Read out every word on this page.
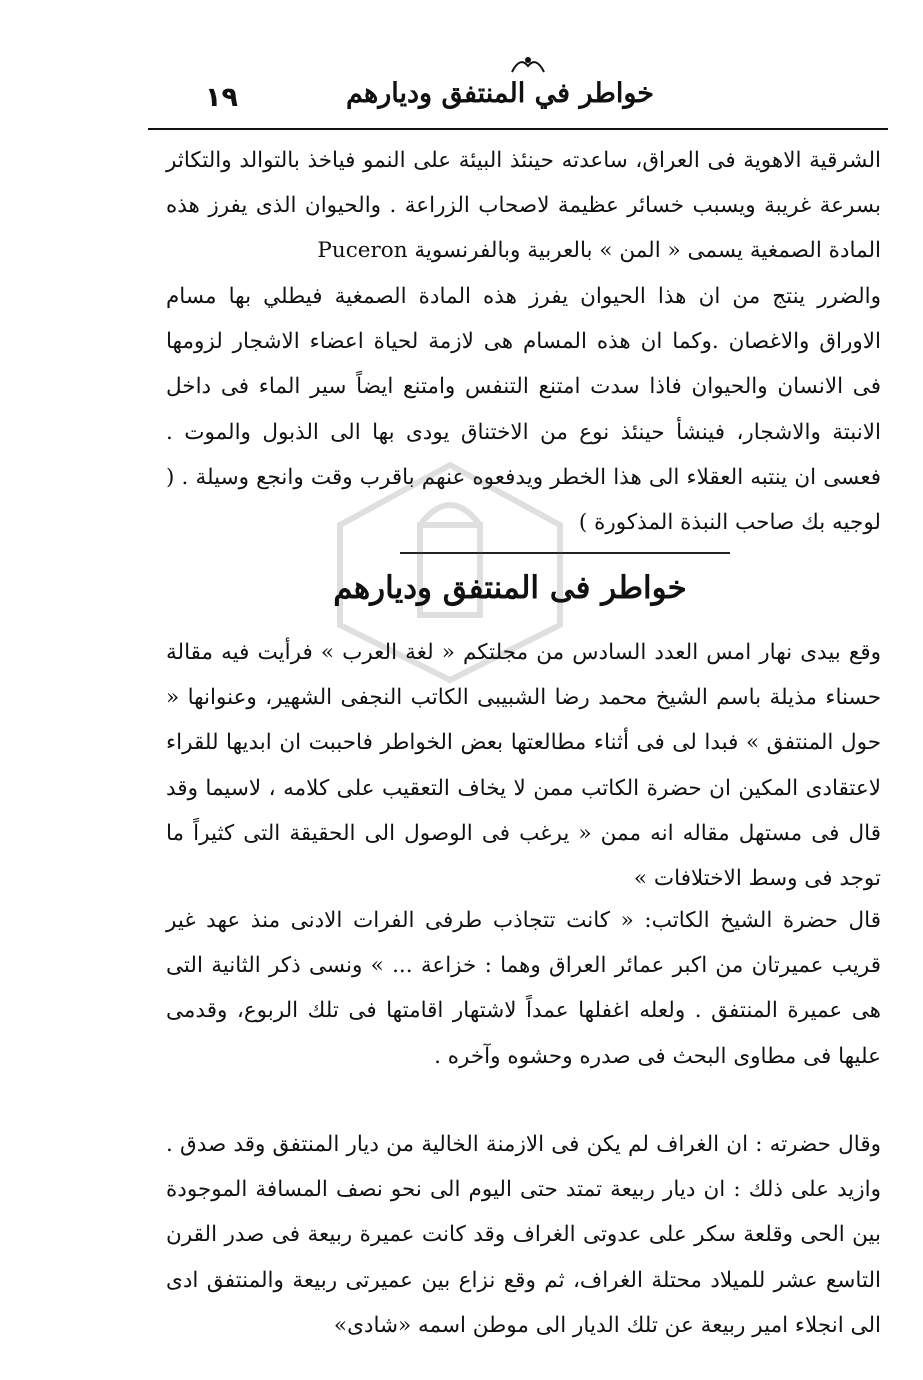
خواطر في المنتفق وديارهم
١٩

الشرقية الاهوية فى العراق، ساعدته حينئذ البيئة على النمو فياخذ بالتوالد والتكاثر بسرعة غريبة ويسبب خسائر عظيمة لاصحاب الزراعة . والحيوان الذى يفرز هذه المادة الصمغية يسمى « المن » بالعربية وبالفرنسوية Puceron

والضرر ينتج من ان هذا الحيوان يفرز هذه المادة الصمغية فيطلي بها مسام الاوراق والاغصان .وكما ان هذه المسام هى لازمة لحياة اعضاء الاشجار لزومها فى الانسان والحيوان فاذا سدت امتنع التنفس وامتنع ايضاً سير الماء فى داخل الانبتة والاشجار، فينشأ حينئذ نوع من الاختناق يودى بها الى الذبول والموت . فعسى ان ينتبه العقلاء الى هذا الخطر ويدفعوه عنهم باقرب وقت وانجع وسيلة . ( لوجيه بك صاحب النبذة المذكورة )

خواطر فى المنتفق وديارهم

وقع بيدى نهار امس العدد السادس من مجلتكم « لغة العرب » فرأيت فيه مقالة حسناء مذيلة باسم الشيخ محمد رضا الشبيبى الكاتب النجفى الشهير، وعنوانها « حول المنتفق » فبدا لى فى أثناء مطالعتها بعض الخواطر فاحببت ان ابديها للقراء لاعتقادى المكين ان حضرة الكاتب ممن لا يخاف التعقيب على كلامه ، لاسيما وقد قال فى مستهل مقاله انه ممن « يرغب فى الوصول الى الحقيقة التى كثيراً ما توجد فى وسط الاختلافات »

قال حضرة الشيخ الكاتب: « كانت تتجاذب طرفى الفرات الادنى منذ عهد غير قريب عميرتان من اكبر عمائر العراق وهما : خزاعة ... » ونسى ذكر الثانية التى هى عميرة المنتفق . ولعله اغفلها عمداً لاشتهار اقامتها فى تلك الربوع، وقدمى عليها فى مطاوى البحث فى صدره وحشوه وآخره .

وقال حضرته : ان الغراف لم يكن فى الازمنة الخالية من ديار المنتفق وقد صدق . وازيد على ذلك : ان ديار ربيعة تمتد حتى اليوم الى نحو نصف المسافة الموجودة بين الحى وقلعة سكر على عدوتى الغراف وقد كانت عميرة ربيعة فى صدر القرن التاسع عشر للميلاد محتلة الغراف، ثم وقع نزاع بين عميرتى ربيعة والمنتفق ادى الى انجلاء امير ربيعة عن تلك الديار الى موطن اسمه «شادى»
